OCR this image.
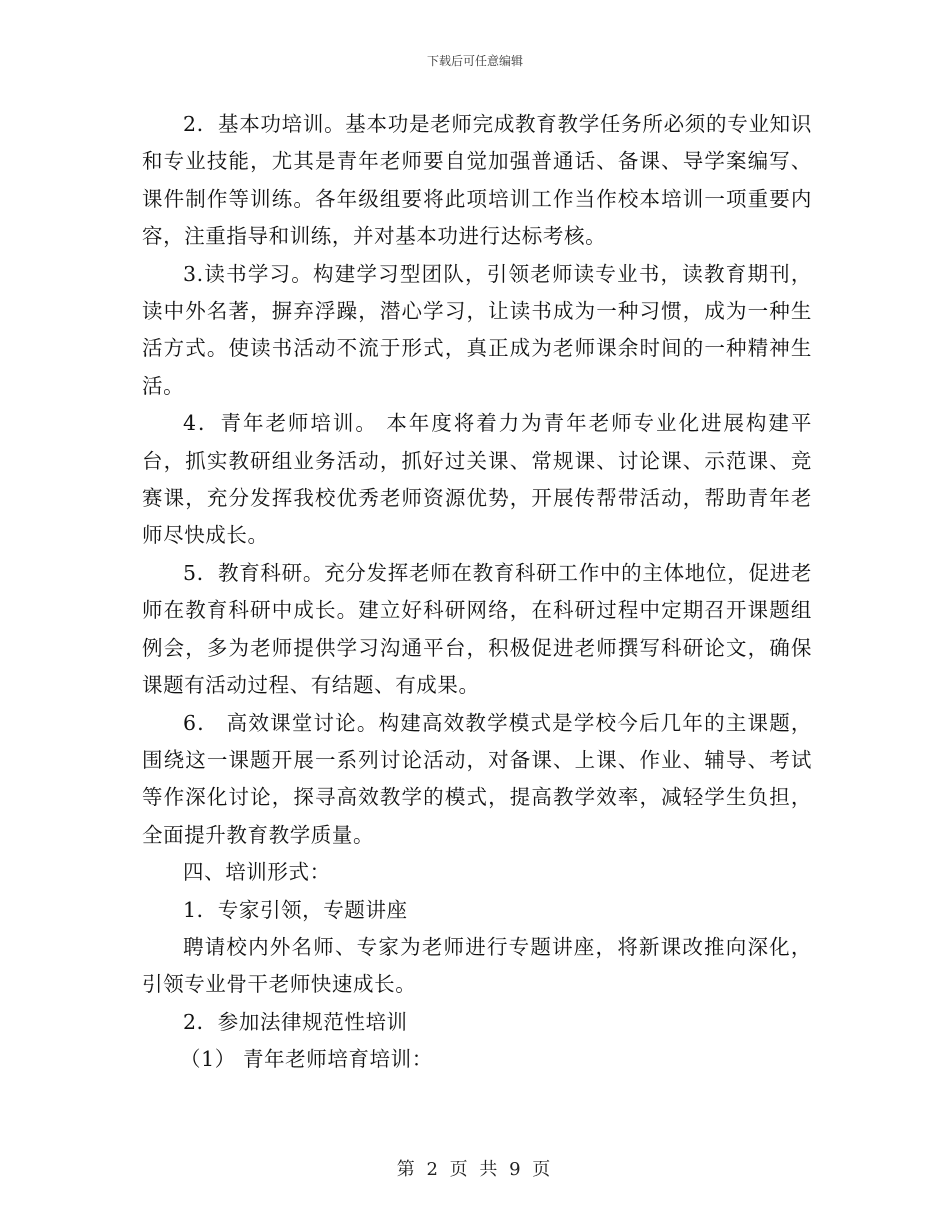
下载后可任意编辑

2．基本功培训。基本功是老师完成教育教学任务所必须的专业知识和专业技能，尤其是青年老师要自觉加强普通话、备课、导学案编写、课件制作等训练。各年级组要将此项培训工作当作校本培训一项重要内容，注重指导和训练，并对基本功进行达标考核。

3.读书学习。构建学习型团队，引领老师读专业书，读教育期刊，读中外名著，摒弃浮躁，潜心学习，让读书成为一种习惯，成为一种生活方式。使读书活动不流于形式，真正成为老师课余时间的一种精神生活。

4．青年老师培训。 本年度将着力为青年老师专业化进展构建平台，抓实教研组业务活动，抓好过关课、常规课、讨论课、示范课、竞赛课，充分发挥我校优秀老师资源优势，开展传帮带活动，帮助青年老师尽快成长。

5．教育科研。充分发挥老师在教育科研工作中的主体地位，促进老师在教育科研中成长。建立好科研网络，在科研过程中定期召开课题组例会，多为老师提供学习沟通平台，积极促进老师撰写科研论文，确保课题有活动过程、有结题、有成果。

6． 高效课堂讨论。构建高效教学模式是学校今后几年的主课题，围绕这一课题开展一系列讨论活动，对备课、上课、作业、辅导、考试等作深化讨论，探寻高效教学的模式，提高教学效率，减轻学生负担，全面提升教育教学质量。

四、培训形式：

1．专家引领，专题讲座

聘请校内外名师、专家为老师进行专题讲座，将新课改推向深化，引领专业骨干老师快速成长。

2．参加法律规范性培训

（1） 青年老师培育培训：

第 2 页 共 9 页
